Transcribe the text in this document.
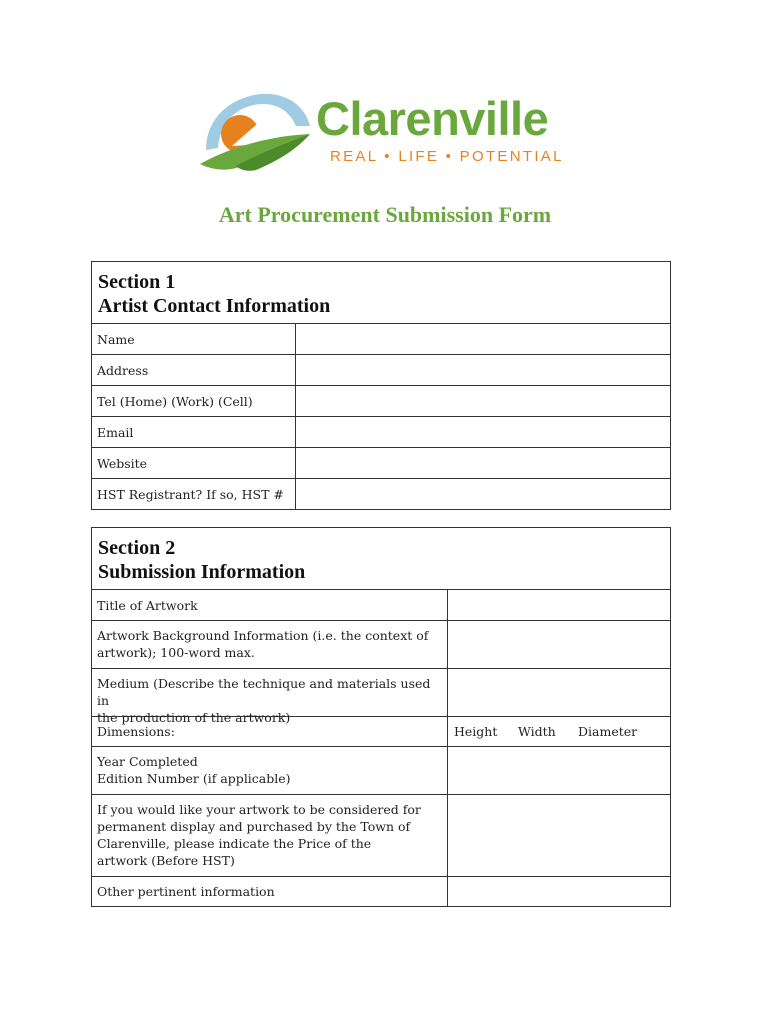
Clarenville
REAL • LIFE • POTENTIAL
Art Procurement Submission Form
Section 1
Artist Contact Information
Name
Address
Tel (Home) (Work) (Cell)
Email
Website
HST Registrant? If so, HST #
Section 2
Submission Information
Title of Artwork
Artwork Background Information (i.e. the context of
artwork); 100-word max.
Medium (Describe the technique and materials used in
the production of the artwork)
Dimensions:	Height	Width	Diameter
Year Completed
Edition Number (if applicable)
If you would like your artwork to be considered for
permanent display and purchased by the Town of
Clarenville, please indicate the Price of the
artwork (Before HST)
Other pertinent information
